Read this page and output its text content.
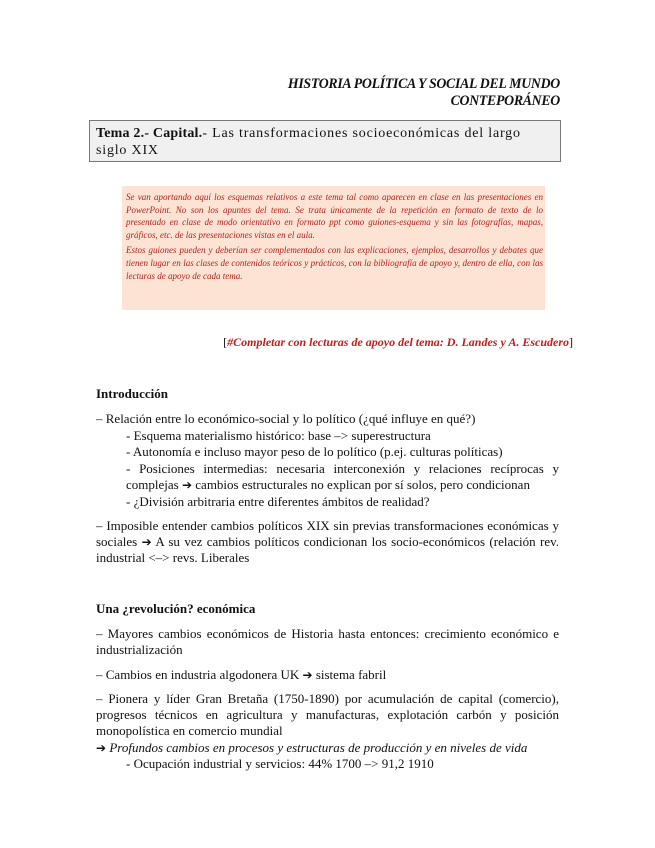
HISTORIA POLÍTICA Y SOCIAL DEL MUNDO CONTEPORÁNEO
Tema 2.- Capital.- Las transformaciones socioeconómicas del largo siglo XIX

Se van aportando aquí los esquemas relativos a este tema tal como aparecen en clase en las presentaciones en PowerPoint. No son los apuntes del tema. Se trata únicamente de la repetición en formato de texto de lo presentado en clase de modo orientativo en formato ppt como guiones-esquema y sin las fotografías, mapas, gráficos, etc. de las presentaciones vistas en el aula.

Estos guiones pueden y deberían ser complementados con las explicaciones, ejemplos, desarrollos y debates que tienen lugar en las clases de contenidos teóricos y prácticos, con la bibliografía de apoyo y, dentro de ella, con las lecturas de apoyo de cada tema.

[#Completar con lecturas de apoyo del tema: D. Landes y A. Escudero]
Introducción
– Relación entre lo económico-social y lo político (¿qué influye en qué?)
- Esquema materialismo histórico: base –> superestructura
- Autonomía e incluso mayor peso de lo político (p.ej. culturas políticas)
- Posiciones intermedias: necesaria interconexión y relaciones recíprocas y complejas ➔ cambios estructurales no explican por sí solos, pero condicionan
- ¿División arbitraria entre diferentes ámbitos de realidad?
– Imposible entender cambios políticos XIX sin previas transformaciones económicas y sociales ➔ A su vez cambios políticos condicionan los socio-económicos (relación rev. industrial <–> revs. Liberales
Una ¿revolución? económica
– Mayores cambios económicos de Historia hasta entonces: crecimiento económico e industrialización
– Cambios en industria algodonera UK ➔ sistema fabril
– Pionera y líder Gran Bretaña (1750-1890) por acumulación de capital (comercio), progresos técnicos en agricultura y manufacturas, explotación carbón y posición monopolística en comercio mundial
➔ Profundos cambios en procesos y estructuras de producción y en niveles de vida
- Ocupación industrial y servicios: 44% 1700 –> 91,2 1910
